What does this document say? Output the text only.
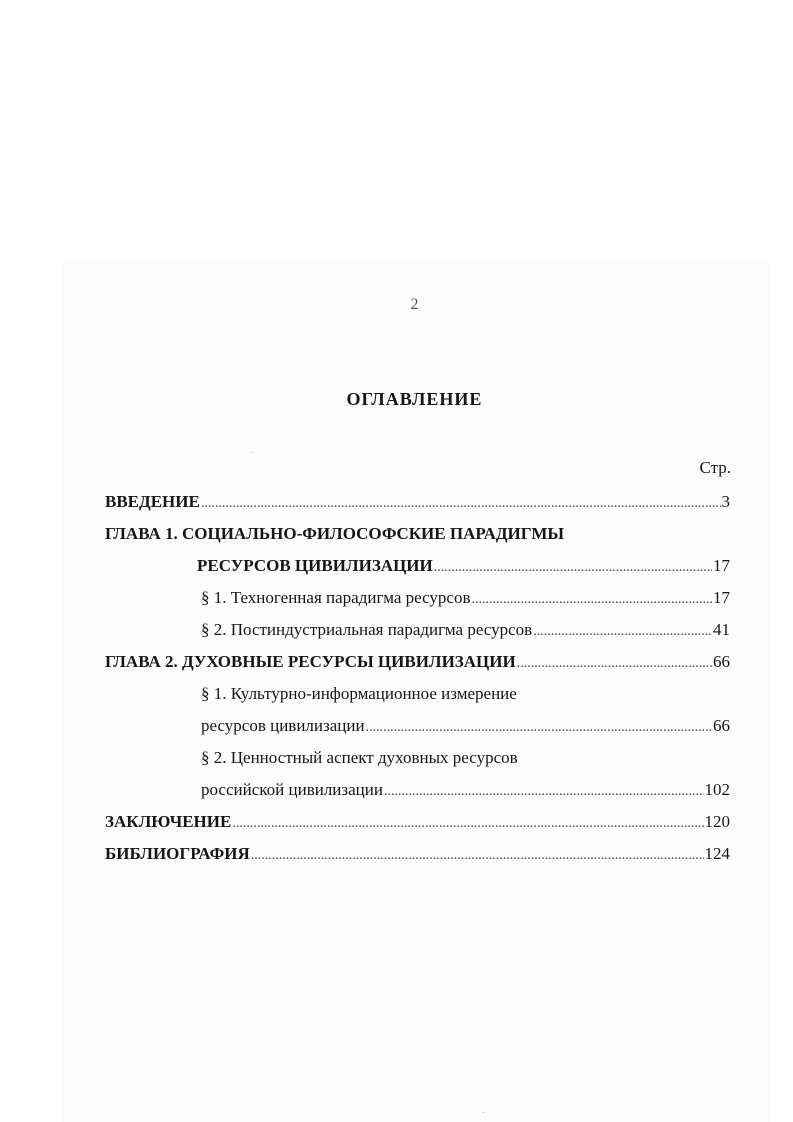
2
ОГЛАВЛЕНИЕ
Стр.
ВВЕДЕНИЕ .....	3
ГЛАВА 1. СОЦИАЛЬНО-ФИЛОСОФСКИЕ ПАРАДИГМЫ
РЕСУРСОВ ЦИВИЛИЗАЦИИ .....	17
§ 1. Техногенная парадигма ресурсов .....	17
§ 2. Постиндустриальная парадигма ресурсов .....	41
ГЛАВА 2. ДУХОВНЫЕ РЕСУРСЫ ЦИВИЛИЗАЦИИ .....	66
§ 1. Культурно-информационное измерение
ресурсов цивилизации .....	66
§ 2. Ценностный аспект духовных ресурсов
российской цивилизации .....	102
ЗАКЛЮЧЕНИЕ .....	120
БИБЛИОГРАФИЯ .....	124
